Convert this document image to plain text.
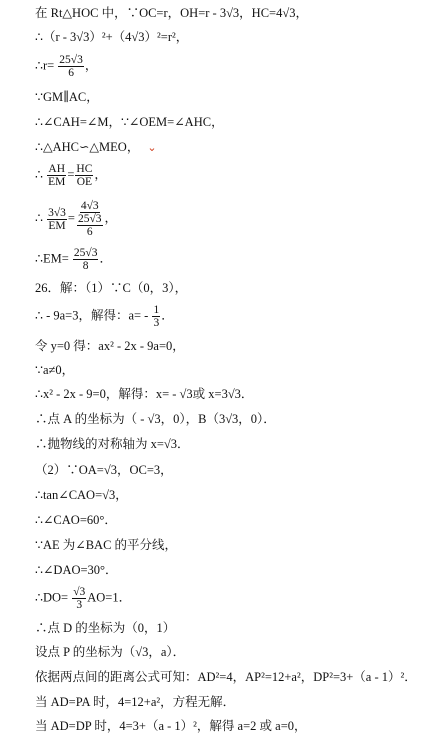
在 Rt△HOC 中，∵OC=r，OH=r - 3√3，HC=4√3，
∴（r - 3√3）²+（4√3）²=r²，
∴r= $\frac{25√3}{6}$ ，
∵GM∥AC，
∴∠CAH=∠M，∵∠OEM=∠AHC，
∴△AHC∽△MEO， ⌄
∴ $\frac{AH}{EM} = \frac{HC}{OE}$ ，
∴ $\frac{3√3}{EM} = \frac{4√3}{\frac{25√3}{6}}$ ，
∴EM= $\frac{25√3}{8}$ ．
26．解：（1）∵C（0，3），
∴ - 9a=3，解得：$a= - \frac{1}{3}$ ．
令 y=0 得：ax² - 2x - 9a=0，
∵a≠0，
∴x² - 2x - 9=0，解得：x= - √3或 x=3√3．
∴点 A 的坐标为（ - √3，0），B（3√3，0）．
∴抛物线的对称轴为 x=√3．
（2）∵OA=√3，OC=3，
∴tan∠CAO=√3，
∴∠CAO=60°．
∵AE 为∠BAC 的平分线，
∴∠DAO=30°．
∴DO= $\frac{√3}{3} AO=1$．
∴点 D 的坐标为（0，1）
设点 P 的坐标为（√3，a）．
依据两点间的距离公式可知：AD²=4，AP²=12+a²，DP²=3+（a - 1）²．
当 AD=PA 时，4=12+a²，方程无解．
当 AD=DP 时，4=3+（a - 1）²，解得 a=2 或 a=0，
